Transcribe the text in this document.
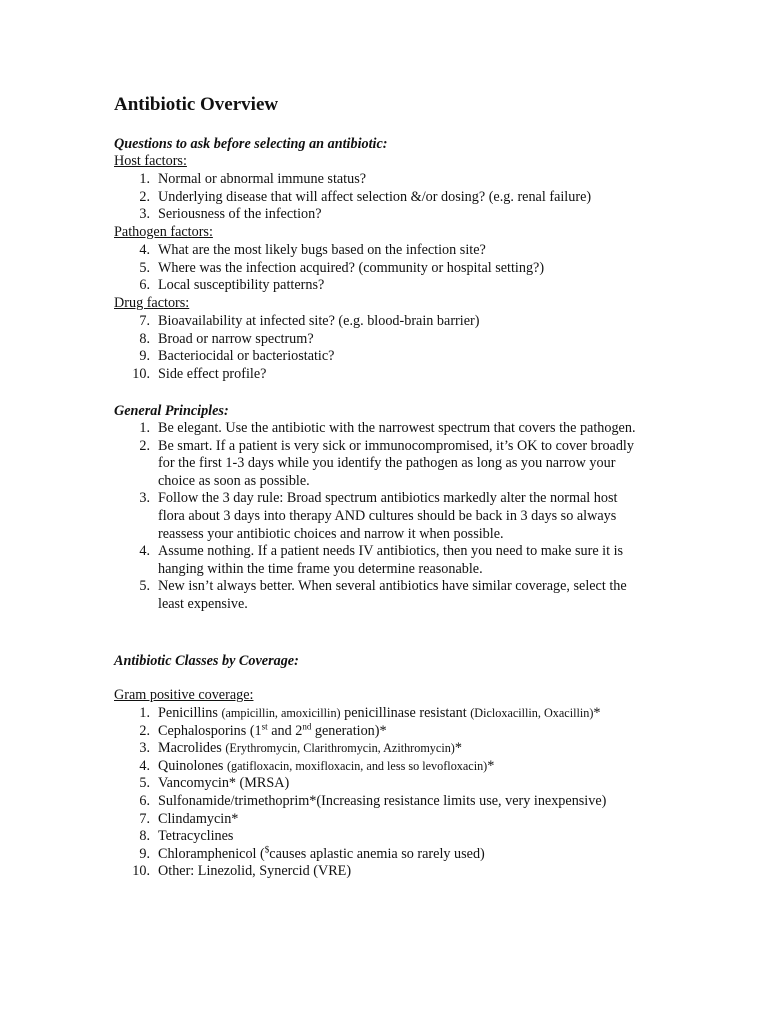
Antibiotic Overview
Questions to ask before selecting an antibiotic:
Host factors:
1. Normal or abnormal immune status?
2. Underlying disease that will affect selection &/or dosing? (e.g. renal failure)
3. Seriousness of the infection?
Pathogen factors:
4. What are the most likely bugs based on the infection site?
5. Where was the infection acquired? (community or hospital setting?)
6. Local susceptibility patterns?
Drug factors:
7. Bioavailability at infected site? (e.g. blood-brain barrier)
8. Broad or narrow spectrum?
9. Bacteriocidal or bacteriostatic?
10. Side effect profile?
General Principles:
1. Be elegant. Use the antibiotic with the narrowest spectrum that covers the pathogen.
2. Be smart. If a patient is very sick or immunocompromised, it’s OK to cover broadly for the first 1-3 days while you identify the pathogen as long as you narrow your choice as soon as possible.
3. Follow the 3 day rule: Broad spectrum antibiotics markedly alter the normal host flora about 3 days into therapy AND cultures should be back in 3 days so always reassess your antibiotic choices and narrow it when possible.
4. Assume nothing. If a patient needs IV antibiotics, then you need to make sure it is hanging within the time frame you determine reasonable.
5. New isn’t always better. When several antibiotics have similar coverage, select the least expensive.
Antibiotic Classes by Coverage:
Gram positive coverage:
1. Penicillins (ampicillin, amoxicillin) penicillinase resistant (Dicloxacillin, Oxacillin)*
2. Cephalosporins (1st and 2nd generation)*
3. Macrolides (Erythromycin, Clarithromycin, Azithromycin)*
4. Quinolones (gatifloxacin, moxifloxacin, and less so levofloxacin)*
5. Vancomycin* (MRSA)
6. Sulfonamide/trimethoprim*(Increasing resistance limits use, very inexpensive)
7. Clindamycin*
8. Tetracyclines
9. Chloramphenicol ($causes aplastic anemia so rarely used)
10. Other: Linezolid, Synercid (VRE)
